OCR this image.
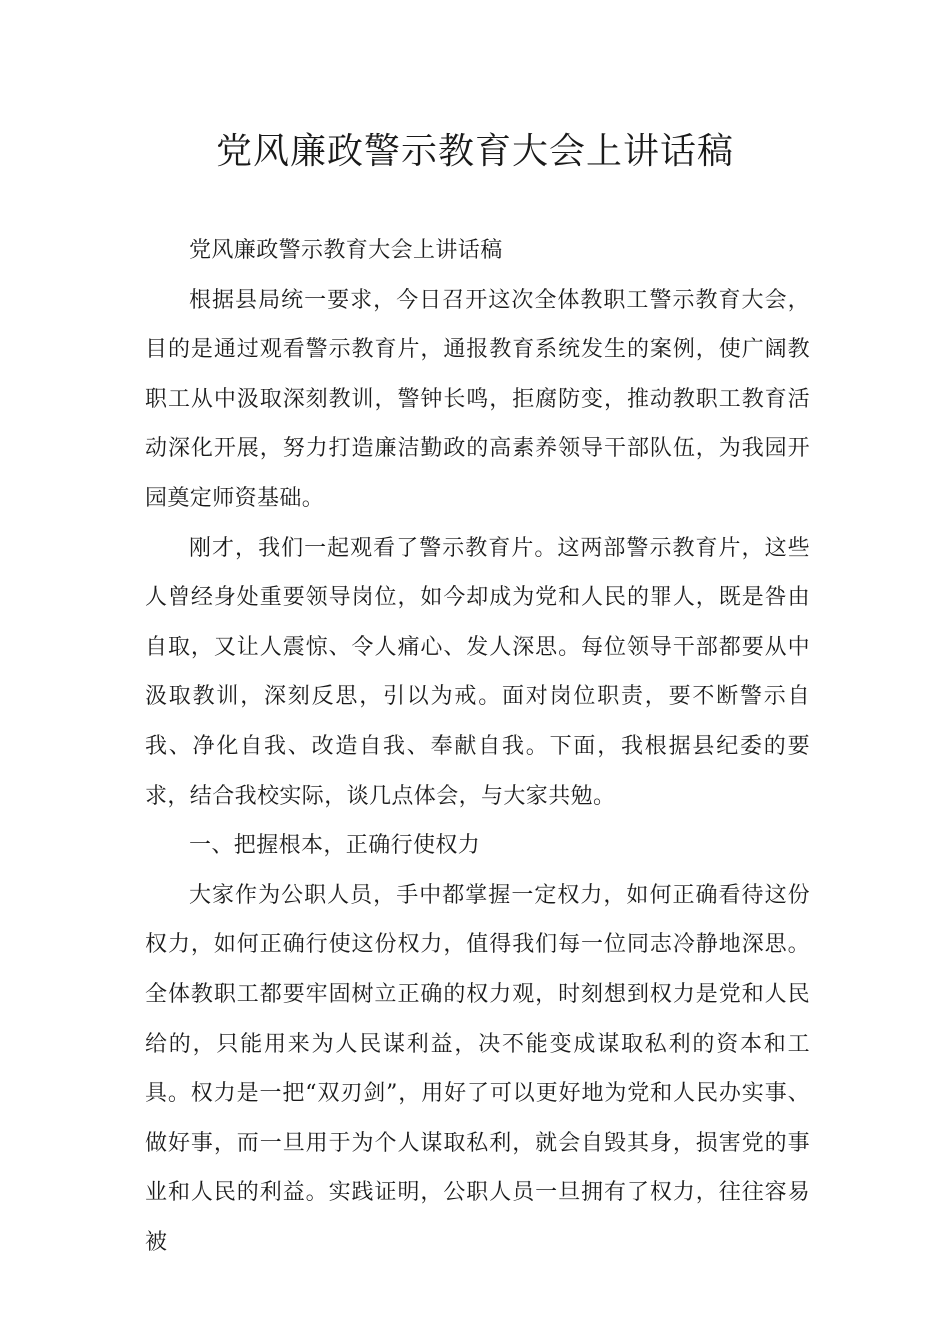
党风廉政警示教育大会上讲话稿

党风廉政警示教育大会上讲话稿

根据县局统一要求，今日召开这次全体教职工警示教育大会，目的是通过观看警示教育片，通报教育系统发生的案例，使广阔教职工从中汲取深刻教训，警钟长鸣，拒腐防变，推动教职工教育活动深化开展，努力打造廉洁勤政的高素养领导干部队伍，为我园开园奠定师资基础。

刚才，我们一起观看了警示教育片。这两部警示教育片，这些人曾经身处重要领导岗位，如今却成为党和人民的罪人，既是咎由自取，又让人震惊、令人痛心、发人深思。每位领导干部都要从中汲取教训，深刻反思，引以为戒。面对岗位职责，要不断警示自我、净化自我、改造自我、奉献自我。下面，我根据县纪委的要求，结合我校实际，谈几点体会，与大家共勉。

一、把握根本，正确行使权力

大家作为公职人员，手中都掌握一定权力，如何正确看待这份权力，如何正确行使这份权力，值得我们每一位同志冷静地深思。全体教职工都要牢固树立正确的权力观，时刻想到权力是党和人民给的，只能用来为人民谋利益，决不能变成谋取私利的资本和工具。权力是一把“双刃剑”，用好了可以更好地为党和人民办实事、做好事，而一旦用于为个人谋取私利，就会自毁其身，损害党的事业和人民的利益。实践证明，公职人员一旦拥有了权力，往往容易被
